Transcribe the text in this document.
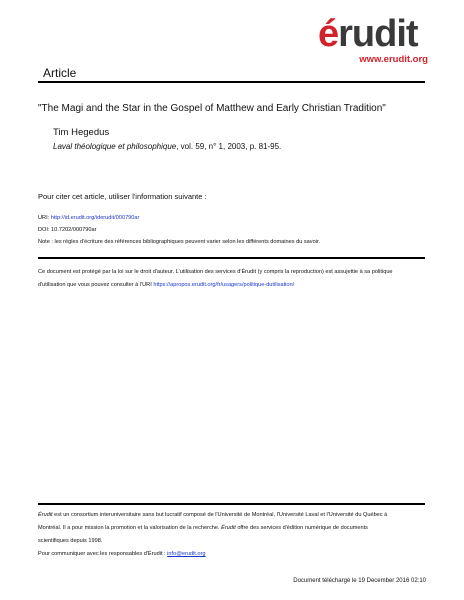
érudit
www.erudit.org
Article
"The Magi and the Star in the Gospel of Matthew and Early Christian Tradition"
Tim Hegedus
Laval théologique et philosophique, vol. 59, n° 1, 2003, p. 81-95.
Pour citer cet article, utiliser l'information suivante :
URI: http://id.erudit.org/iderudit/000790ar
DOI: 10.7202/000790ar
Note : les règles d'écriture des références bibliographiques peuvent varier selon les différents domaines du savoir.
Ce document est protégé par la loi sur le droit d'auteur. L'utilisation des services d'Érudit (y compris la reproduction) est assujettie à sa politique
d'utilisation que vous pouvez consulter à l'URI https://apropos.erudit.org/fr/usagers/politique-dutilisation/
Érudit est un consortium interuniversitaire sans but lucratif composé de l'Université de Montréal, l'Université Laval et l'Université du Québec à
Montréal. Il a pour mission la promotion et la valorisation de la recherche. Érudit offre des services d'édition numérique de documents
scientifiques depuis 1998.
Pour communiquer avec les responsables d'Érudit : info@erudit.org
Document téléchargé le 19 December 2016 02:10
